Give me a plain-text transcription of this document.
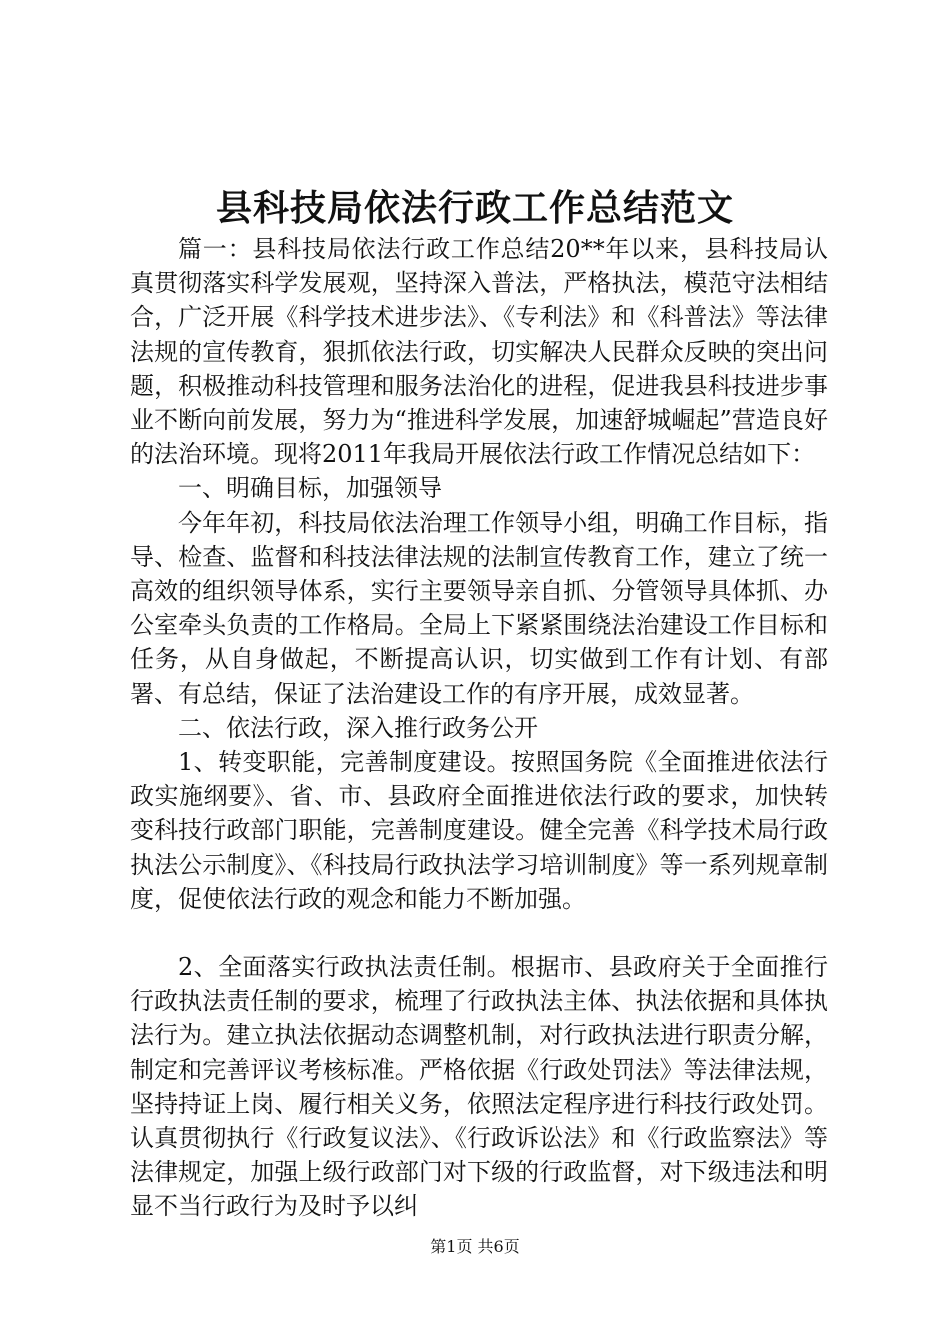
县科技局依法行政工作总结范文

篇一：县科技局依法行政工作总结20**年以来，县科技局认真贯彻落实科学发展观，坚持深入普法，严格执法，模范守法相结合，广泛开展《科学技术进步法》、《专利法》和《科普法》等法律法规的宣传教育，狠抓依法行政，切实解决人民群众反映的突出问题，积极推动科技管理和服务法治化的进程，促进我县科技进步事业不断向前发展，努力为“推进科学发展，加速舒城崛起”营造良好的法治环境。现将2011年我局开展依法行政工作情况总结如下：

一、明确目标，加强领导

今年年初，科技局依法治理工作领导小组，明确工作目标，指导、检查、监督和科技法律法规的法制宣传教育工作，建立了统一高效的组织领导体系，实行主要领导亲自抓、分管领导具体抓、办公室牵头负责的工作格局。全局上下紧紧围绕法治建设工作目标和任务，从自身做起，不断提高认识，切实做到工作有计划、有部署、有总结，保证了法治建设工作的有序开展，成效显著。

二、依法行政，深入推行政务公开

1、转变职能，完善制度建设。按照国务院《全面推进依法行政实施纲要》、省、市、县政府全面推进依法行政的要求，加快转变科技行政部门职能，完善制度建设。健全完善《科学技术局行政执法公示制度》、《科技局行政执法学习培训制度》等一系列规章制度，促使依法行政的观念和能力不断加强。

2、全面落实行政执法责任制。根据市、县政府关于全面推行行政执法责任制的要求，梳理了行政执法主体、执法依据和具体执法行为。建立执法依据动态调整机制，对行政执法进行职责分解，制定和完善评议考核标准。严格依据《行政处罚法》等法律法规，坚持持证上岗、履行相关义务，依照法定程序进行科技行政处罚。认真贯彻执行《行政复议法》、《行政诉讼法》和《行政监察法》等法律规定，加强上级行政部门对下级的行政监督，对下级违法和明显不当行政行为及时予以纠

第1页 共6页
